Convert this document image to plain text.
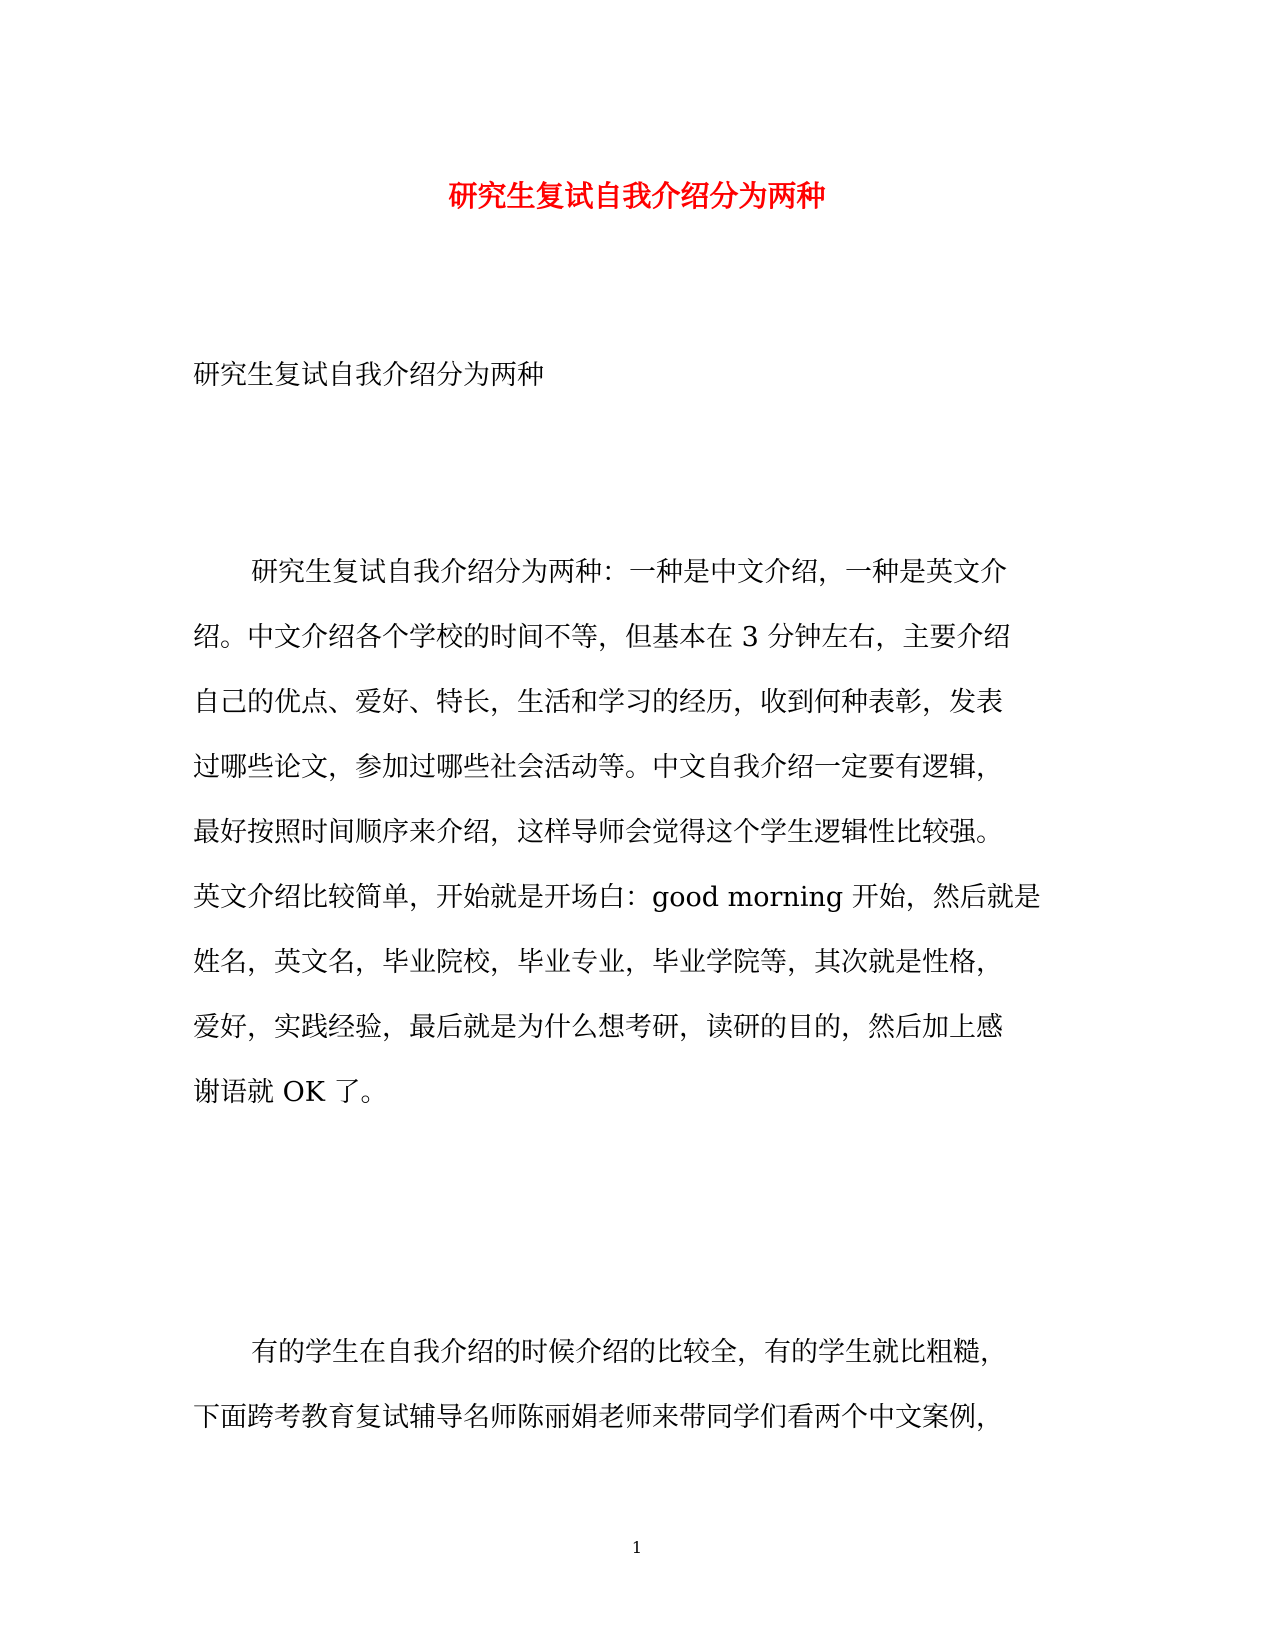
研究生复试自我介绍分为两种
研究生复试自我介绍分为两种
研究生复试自我介绍分为两种：一种是中文介绍，一种是英文介
绍。中文介绍各个学校的时间不等，但基本在 3 分钟左右，主要介绍
自己的优点、爱好、特长，生活和学习的经历，收到何种表彰，发表
过哪些论文，参加过哪些社会活动等。中文自我介绍一定要有逻辑，
最好按照时间顺序来介绍，这样导师会觉得这个学生逻辑性比较强。
英文介绍比较简单，开始就是开场白：good morning 开始，然后就是
姓名，英文名，毕业院校，毕业专业，毕业学院等，其次就是性格，
爱好，实践经验，最后就是为什么想考研，读研的目的，然后加上感
谢语就 OK 了。
有的学生在自我介绍的时候介绍的比较全，有的学生就比粗糙，
下面跨考教育复试辅导名师陈丽娟老师来带同学们看两个中文案例，
1
